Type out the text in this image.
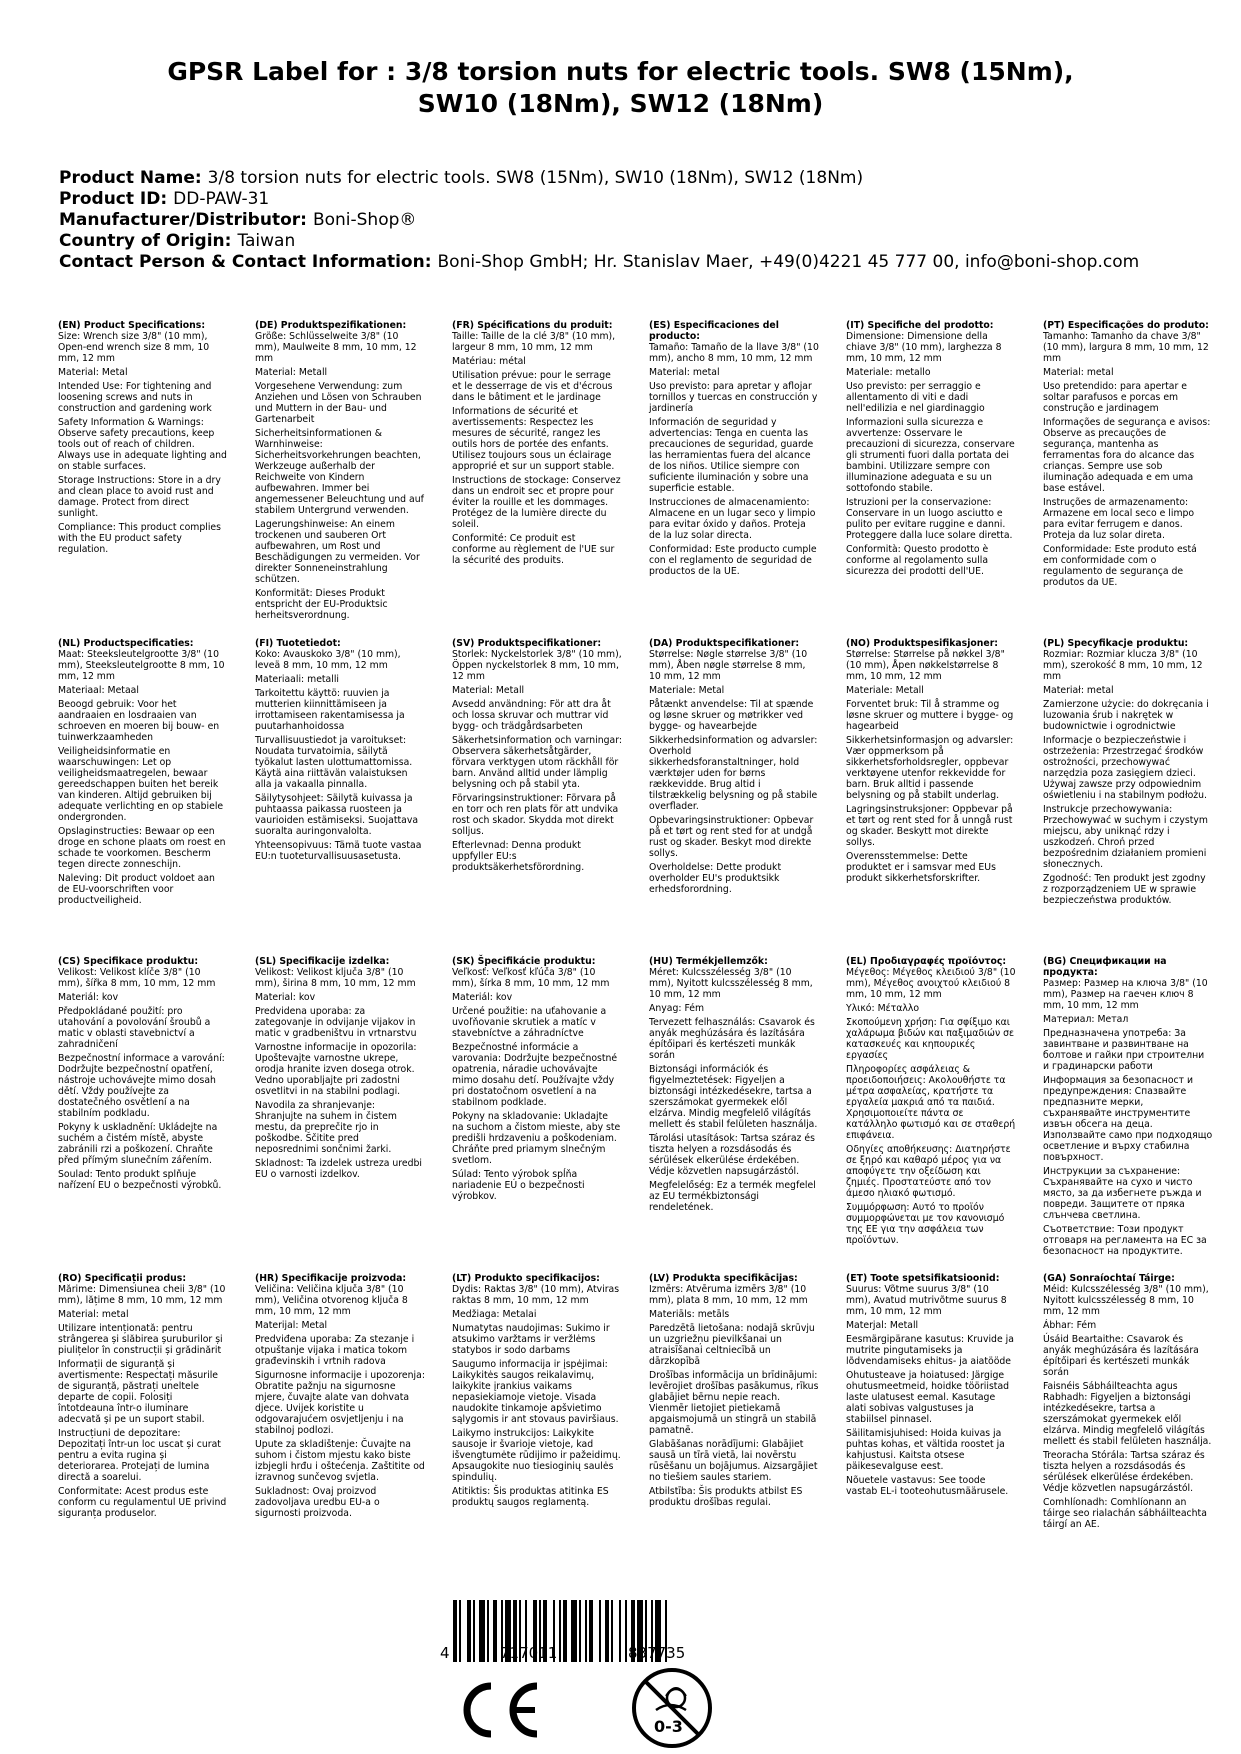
GPSR Label for : 3/8 torsion nuts for electric tools. SW8 (15Nm),
SW10 (18Nm), SW12 (18Nm)
Product Name: 3/8 torsion nuts for electric tools. SW8 (15Nm), SW10 (18Nm), SW12 (18Nm)
Product ID: DD-PAW-31
Manufacturer/Distributor: Boni-Shop®
Country of Origin: Taiwan
Contact Person & Contact Information: Boni-Shop GmbH; Hr. Stanislav Maer, +49(0)4221 45 777 00, info@boni-shop.com
(EN) Product Specifications:
Size: Wrench size 3/8" (10 mm), Open-end wrench size 8 mm, 10 mm, 12 mm
Material: Metal
Intended Use: For tightening and loosening screws and nuts in construction and gardening work
Safety Information & Warnings: Observe safety precautions, keep tools out of reach of children. Always use in adequate lighting and on stable surfaces.
Storage Instructions: Store in a dry and clean place to avoid rust and damage. Protect from direct sunlight.
Compliance: This product complies with the EU product safety regulation.
(DE) Produktspezifikationen:
Größe: Schlüsselweite 3/8" (10 mm), Maulweite 8 mm, 10 mm, 12 mm
Material: Metall
Vorgesehene Verwendung: zum Anziehen und Lösen von Schrauben und Muttern in der Bau- und Gartenarbeit
Sicherheitsinformationen & Warnhinweise: Sicherheitsvorkehrungen beachten, Werkzeuge außerhalb der Reichweite von Kindern aufbewahren. Immer bei angemessener Beleuchtung und auf stabilem Untergrund verwenden.
Lagerungshinweise: An einem trockenen und sauberen Ort aufbewahren, um Rost und Beschädigungen zu vermeiden. Vor direkter Sonneneinstrahlung schützen.
Konformität: Dieses Produkt entspricht der EU-Produktsic herheitsverordnung.
(FR) Spécifications du produit:
Taille: Taille de la clé 3/8" (10 mm), largeur 8 mm, 10 mm, 12 mm
Matériau: métal
Utilisation prévue: pour le serrage et le desserrage de vis et d'écrous dans le bâtiment et le jardinage
Informations de sécurité et avertissements: Respectez les mesures de sécurité, rangez les outils hors de portée des enfants. Utilisez toujours sous un éclairage approprié et sur un support stable.
Instructions de stockage: Conservez dans un endroit sec et propre pour éviter la rouille et les dommages. Protégez de la lumière directe du soleil.
Conformité: Ce produit est conforme au règlement de l'UE sur la sécurité des produits.
(ES) Especificaciones del producto:
Tamaño: Tamaño de la llave 3/8" (10 mm), ancho 8 mm, 10 mm, 12 mm
Material: metal
Uso previsto: para apretar y aflojar tornillos y tuercas en construcción y jardinería
Información de seguridad y advertencias: Tenga en cuenta las precauciones de seguridad, guarde las herramientas fuera del alcance de los niños. Utilice siempre con suficiente iluminación y sobre una superficie estable.
Instrucciones de almacenamiento: Almacene en un lugar seco y limpio para evitar óxido y daños. Proteja de la luz solar directa.
Conformidad: Este producto cumple con el reglamento de seguridad de productos de la UE.
(IT) Specifiche del prodotto:
Dimensione: Dimensione della chiave 3/8" (10 mm), larghezza 8 mm, 10 mm, 12 mm
Materiale: metallo
Uso previsto: per serraggio e allentamento di viti e dadi nell'edilizia e nel giardinaggio
Informazioni sulla sicurezza e avvertenze: Osservare le precauzioni di sicurezza, conservare gli strumenti fuori dalla portata dei bambini. Utilizzare sempre con illuminazione adeguata e su un sottofondo stabile.
Istruzioni per la conservazione: Conservare in un luogo asciutto e pulito per evitare ruggine e danni. Proteggere dalla luce solare diretta.
Conformità: Questo prodotto è conforme al regolamento sulla sicurezza dei prodotti dell'UE.
(PT) Especificações do produto:
Tamanho: Tamanho da chave 3/8" (10 mm), largura 8 mm, 10 mm, 12 mm
Material: metal
Uso pretendido: para apertar e soltar parafusos e porcas em construção e jardinagem
Informações de segurança e avisos: Observe as precauções de segurança, mantenha as ferramentas fora do alcance das crianças. Sempre use sob iluminação adequada e em uma base estável.
Instruções de armazenamento: Armazene em local seco e limpo para evitar ferrugem e danos. Proteja da luz solar direta.
Conformidade: Este produto está em conformidade com o regulamento de segurança de produtos da UE.
(NL) Productspecificaties:
Maat: Steeksleutelgrootte 3/8" (10 mm), Steeksleutelgrootte 8 mm, 10 mm, 12 mm
Materiaal: Metaal
Beoogd gebruik: Voor het aandraaien en losdraaien van schroeven en moeren bij bouw- en tuinwerkzaamheden
Veiligheidsinformatie en waarschuwingen: Let op veiligheidsmaatregelen, bewaar gereedschappen buiten het bereik van kinderen. Altijd gebruiken bij adequate verlichting en op stabiele ondergronden.
Opslaginstructies: Bewaar op een droge en schone plaats om roest en schade te voorkomen. Bescherm tegen directe zonneschijn.
Naleving: Dit product voldoet aan de EU-voorschriften voor productveiligheid.
(FI) Tuotetiedot:
Koko: Avauskoko 3/8" (10 mm), leveä 8 mm, 10 mm, 12 mm
Materiaali: metalli
Tarkoitettu käyttö: ruuvien ja mutterien kiinnittämiseen ja irrottamiseen rakentamisessa ja puutarhanhoidossa
Turvallisuustiedot ja varoitukset: Noudata turvatoimia, säilytä työkalut lasten ulottumattomissa. Käytä aina riittävän valaistuksen alla ja vakaalla pinnalla.
Säilytysohjeet: Säilytä kuivassa ja puhtaassa paikassa ruosteen ja vaurioiden estämiseksi. Suojattava suoralta auringonvalolta.
Yhteensopivuus: Tämä tuote vastaa EU:n tuoteturvallisuusasetusta.
(SV) Produktspecifikationer:
Storlek: Nyckelstorlek 3/8" (10 mm), Öppen nyckelstorlek 8 mm, 10 mm, 12 mm
Material: Metall
Avsedd användning: För att dra åt och lossa skruvar och muttrar vid bygg- och trädgårdsarbeten
Säkerhetsinformation och varningar: Observera säkerhetsåtgärder, förvara verktygen utom räckhåll för barn. Använd alltid under lämplig belysning och på stabil yta.
Förvaringsinstruktioner: Förvara på en torr och ren plats för att undvika rost och skador. Skydda mot direkt solljus.
Efterlevnad: Denna produkt uppfyller EU:s produktsäkerhetsförordning.
(DA) Produktspecifikationer:
Størrelse: Nøgle størrelse 3/8" (10 mm), Åben nøgle størrelse 8 mm, 10 mm, 12 mm
Materiale: Metal
Påtænkt anvendelse: Til at spænde og løsne skruer og møtrikker ved bygge- og havearbejde
Sikkerhedsinformation og advarsler: Overhold sikkerhedsforanstaltninger, hold værktøjer uden for børns rækkevidde. Brug altid i tilstrækkelig belysning og på stabile overflader.
Opbevaringsinstruktioner: Opbevar på et tørt og rent sted for at undgå rust og skader. Beskyt mod direkte sollys.
Overholdelse: Dette produkt overholder EU's produktsikk erhedsforordning.
(NO) Produktspesifikasjoner:
Størrelse: Størrelse på nøkkel 3/8" (10 mm), Åpen nøkkelstørrelse 8 mm, 10 mm, 12 mm
Materiale: Metall
Forventet bruk: Til å stramme og løsne skruer og muttere i bygge- og hagearbeid
Sikkerhetsinformasjon og advarsler: Vær oppmerksom på sikkerhetsforholdsregler, oppbevar verktøyene utenfor rekkevidde for barn. Bruk alltid i passende belysning og på stabilt underlag.
Lagringsinstruksjoner: Oppbevar på et tørt og rent sted for å unngå rust og skader. Beskytt mot direkte sollys.
Overensstemmelse: Dette produktet er i samsvar med EUs produkt sikkerhetsforskrifter.
(PL) Specyfikacje produktu:
Rozmiar: Rozmiar klucza 3/8" (10 mm), szerokość 8 mm, 10 mm, 12 mm
Materiał: metal
Zamierzone użycie: do dokręcania i luzowania śrub i nakrętek w budownictwie i ogrodnictwie
Informacje o bezpieczeństwie i ostrzeżenia: Przestrzegać środków ostrożności, przechowywać narzędzia poza zasięgiem dzieci. Używaj zawsze przy odpowiednim oświetleniu i na stabilnym podłożu.
Instrukcje przechowywania: Przechowywać w suchym i czystym miejscu, aby uniknąć rdzy i uszkodzeń. Chroń przed bezpośrednim działaniem promieni słonecznych.
Zgodność: Ten produkt jest zgodny z rozporządzeniem UE w sprawie bezpieczeństwa produktów.
(CS) Specifikace produktu:
Velikost: Velikost klíče 3/8" (10 mm), šířka 8 mm, 10 mm, 12 mm
Materiál: kov
Předpokládané použití: pro utahování a povolování šroubů a matic v oblasti stavebnictví a zahradničení
Bezpečnostní informace a varování: Dodržujte bezpečnostní opatření, nástroje uchovávejte mimo dosah dětí. Vždy používejte za dostatečného osvětlení a na stabilním podkladu.
Pokyny k uskladnění: Ukládejte na suchém a čistém místě, abyste zabránili rzi a poškození. Chraňte před přímým slunečním zářením.
Soulad: Tento produkt splňuje nařízení EU o bezpečnosti výrobků.
(SL) Specifikacije izdelka:
Velikost: Velikost ključa 3/8" (10 mm), širina 8 mm, 10 mm, 12 mm
Material: kov
Predvidena uporaba: za zategovanje in odvijanje vijakov in matic v gradbeništvu in vrtnarstvu
Varnostne informacije in opozorila: Upoštevajte varnostne ukrepe, orodja hranite izven dosega otrok. Vedno uporabljajte pri zadostni osvetlitvi in na stabilni podlagi.
Navodila za shranjevanje: Shranjujte na suhem in čistem mestu, da preprečite rjo in poškodbe. Ščitite pred neposrednimi sončnimi žarki.
Skladnost: Ta izdelek ustreza uredbi EU o varnosti izdelkov.
(SK) Špecifikácie produktu:
Veľkosť: Veľkosť kľúča 3/8" (10 mm), šírka 8 mm, 10 mm, 12 mm
Materiál: kov
Určené použitie: na uťahovanie a uvoľňovanie skrutiek a matíc v stavebníctve a záhradníctve
Bezpečnostné informácie a varovania: Dodržujte bezpečnostné opatrenia, náradie uchovávajte mimo dosahu detí. Používajte vždy pri dostatočnom osvetlení a na stabilnom podklade.
Pokyny na skladovanie: Ukladajte na suchom a čistom mieste, aby ste predišli hrdzaveniu a poškodeniam. Chráňte pred priamym slnečným svetlom.
Súlad: Tento výrobok spĺňa nariadenie EÚ o bezpečnosti výrobkov.
(HU) Termékjellemzők:
Méret: Kulcsszélesség 3/8" (10 mm), Nyitott kulcsszélesség 8 mm, 10 mm, 12 mm
Anyag: Fém
Tervezett felhasználás: Csavarok és anyák meghúzására és lazítására építőipari és kertészeti munkák során
Biztonsági információk és figyelmeztetések: Figyeljen a biztonsági intézkedésekre, tartsa a szerszámokat gyermekek elől elzárva. Mindig megfelelő világítás mellett és stabil felületen használja.
Tárolási utasítások: Tartsa száraz és tiszta helyen a rozsdásodás és sérülések elkerülése érdekében. Védje közvetlen napsugárzástól.
Megfelelőség: Ez a termék megfelel az EU termékbiztonsági rendeletének.
(EL) Προδιαγραφές προϊόντος:
Μέγεθος: Μέγεθος κλειδιού 3/8" (10 mm), Μέγεθος ανοιχτού κλειδιού 8 mm, 10 mm, 12 mm
Υλικό: Μέταλλο
Σκοπούμενη χρήση: Για σφίξιμο και χαλάρωμα βιδών και παξιμαδιών σε κατασκευές και κηπουρικές εργασίες
Πληροφορίες ασφάλειας & προειδοποιήσεις: Ακολουθήστε τα μέτρα ασφαλείας, κρατήστε τα εργαλεία μακριά από τα παιδιά. Χρησιμοποιείτε πάντα σε κατάλληλο φωτισμό και σε σταθερή επιφάνεια.
Οδηγίες αποθήκευσης: Διατηρήστε σε ξηρό και καθαρό μέρος για να αποφύγετε την οξείδωση και ζημιές. Προστατεύστε από τον άμεσο ηλιακό φωτισμό.
Συμμόρφωση: Αυτό το προϊόν συμμορφώνεται με τον κανονισμό της ΕΕ για την ασφάλεια των προϊόντων.
(BG) Спецификации на продукта:
Размер: Размер на ключа 3/8" (10 mm), Размер на гаечен ключ 8 mm, 10 mm, 12 mm
Материал: Метал
Предназначена употреба: За завинтване и развинтване на болтове и гайки при строителни и градинарски работи
Информация за безопасност и предупреждения: Спазвайте предпазните мерки, съхранявайте инструментите извън обсега на деца. Използвайте само при подходящо осветление и върху стабилна повърхност.
Инструкции за съхранение: Съхранявайте на сухо и чисто място, за да избегнете ръжда и повреди. Защитете от пряка слънчева светлина.
Съответствие: Този продукт отговаря на регламента на ЕС за безопасност на продуктите.
(RO) Specificații produs:
Mărime: Dimensiunea cheii 3/8" (10 mm), lățime 8 mm, 10 mm, 12 mm
Material: metal
Utilizare intenționată: pentru strângerea și slăbirea șuruburilor și piulițelor în construcții și grădinărit
Informații de siguranță și avertismente: Respectați măsurile de siguranță, păstrați uneltele departe de copii. Folosiți întotdeauna într-o iluminare adecvată și pe un suport stabil.
Instrucțiuni de depozitare: Depozitați într-un loc uscat și curat pentru a evita rugina și deteriorarea. Protejați de lumina directă a soarelui.
Conformitate: Acest produs este conform cu regulamentul UE privind siguranța produselor.
(HR) Specifikacije proizvoda:
Veličina: Veličina ključa 3/8" (10 mm), Veličina otvorenog ključa 8 mm, 10 mm, 12 mm
Materijal: Metal
Predviđena uporaba: Za stezanje i otpuštanje vijaka i matica tokom građevinskih i vrtnih radova
Sigurnosne informacije i upozorenja: Obratite pažnju na sigurnosne mjere, čuvajte alate van dohvata djece. Uvijek koristite u odgovarajućem osvjetljenju i na stabilnoj podlozi.
Upute za skladištenje: Čuvajte na suhom i čistom mjestu kako biste izbjegli hrđu i oštećenja. Zaštitite od izravnog sunčevog svjetla.
Sukladnost: Ovaj proizvod zadovoljava uredbu EU-a o sigurnosti proizvoda.
(LT) Produkto specifikacijos:
Dydis: Raktas 3/8" (10 mm), Atviras raktas 8 mm, 10 mm, 12 mm
Medžiaga: Metalai
Numatytas naudojimas: Sukimo ir atsukimo varžtams ir veržlėms statybos ir sodo darbams
Saugumo informacija ir įspėjimai: Laikykitės saugos reikalavimų, laikykite įrankius vaikams nepasiekiamoje vietoje. Visada naudokite tinkamoje apšvietimo sąlygomis ir ant stovaus paviršiaus.
Laikymo instrukcijos: Laikykite sausoje ir švarioje vietoje, kad išvengtumėte rūdijimo ir pažeidimų. Apsaugokite nuo tiesioginių saulės spindulių.
Atitiktis: Šis produktas atitinka ES produktų saugos reglamentą.
(LV) Produkta specifikācijas:
Izmērs: Atvēruma izmērs 3/8" (10 mm), plata 8 mm, 10 mm, 12 mm
Materiāls: metāls
Paredzētā lietošana: nodajā skrūvju un uzgriežņu pievilkšanai un atraisīšanai celtniecībā un dārzkopībā
Drošības informācija un brīdinājumi: levērojiet drošības pasākumus, rīkus glabājiet bērnu nepie reach. Vienmēr lietojiet pietiekamā apgaismojumā un stingrā un stabilā pamatnē.
Glabāšanas norādījumi: Glabājiet sausā un tīrā vietā, lai novērstu rūsēšanu un bojājumus. Aizsargājiet no tiešiem saules stariem.
Atbilstība: Šis produkts atbilst ES produktu drošības regulai.
(ET) Toote spetsifikatsioonid:
Suurus: Võtme suurus 3/8" (10 mm), Avatud mutrivõtme suurus 8 mm, 10 mm, 12 mm
Materjal: Metall
Eesmärgipärane kasutus: Kruvide ja mutrite pingutamiseks ja lõdvendamiseks ehitus- ja aiatööde
Ohutusteave ja hoiatused: Järgige ohutusmeetmeid, hoidke tööriistad laste ulatusest eemal. Kasutage alati sobivas valgustuses ja stabiilsel pinnasel.
Säilitamisjuhised: Hoida kuivas ja puhtas kohas, et vältida roostet ja kahjustusi. Kaitsta otsese päikesevalguse eest.
Nõuetele vastavus: See toode vastab EL-i tooteohutusmäärusele.
(GA) Sonraíochtaí Táirge:
Méid: Kulcsszélesség 3/8" (10 mm), Nyitott kulcsszélesség 8 mm, 10 mm, 12 mm
Ábhar: Fém
Úsáid Beartaithe: Csavarok és anyák meghúzására és lazítására építőipari és kertészeti munkák során
Faisnéis Sábháilteachta agus Rabhadh: Figyeljen a biztonsági intézkedésekre, tartsa a szerszámokat gyermekek elől elzárva. Mindig megfelelő világítás mellett és stabil felületen használja.
Treoracha Stórála: Tartsa száraz és tiszta helyen a rozsdásodás és sérülések elkerülése érdekében. Védje közvetlen napsugárzástól.
Comhlíonadh: Comhlíonann an táirge seo rialachán sábháilteachta táirgí an AE.
4	717011	837735
0-3
